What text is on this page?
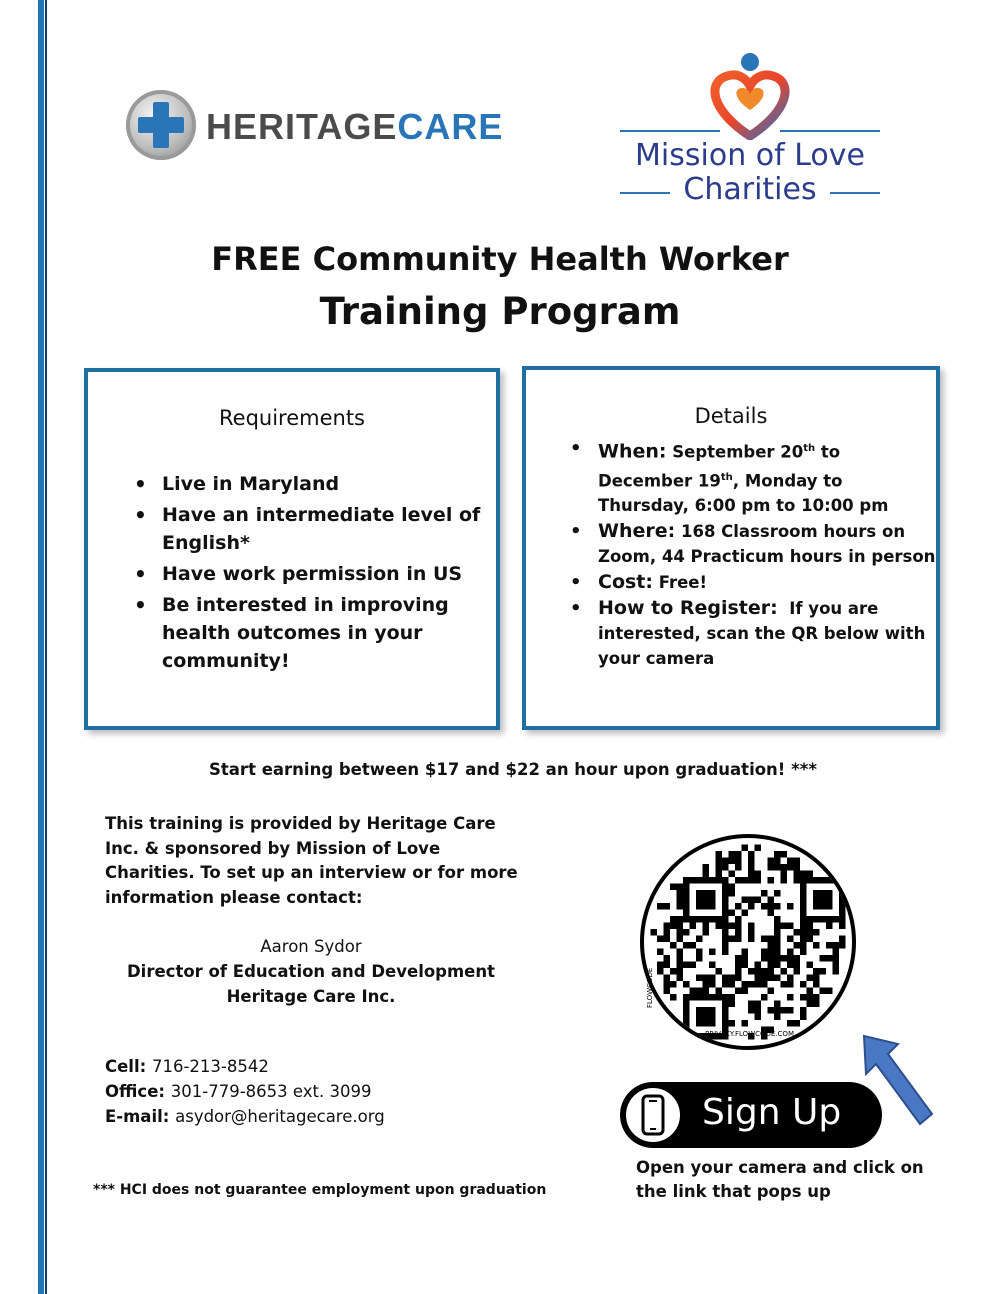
HERITAGECARE
Mission of Love
Charities
FREE Community Health Worker
Training Program
Requirements
• Live in Maryland
• Have an intermediate level of English*
• Have work permission in US
• Be interested in improving health outcomes in your community!
Details
• When: September 20th to December 19th, Monday to Thursday, 6:00 pm to 10:00 pm
• Where: 168 Classroom hours on Zoom, 44 Practicum hours in person
• Cost: Free!
• How to Register: If you are interested, scan the QR below with your camera
Start earning between $17 and $22 an hour upon graduation! ***
This training is provided by Heritage Care Inc. & sponsored by Mission of Love Charities. To set up an interview or for more information please contact:
Aaron Sydor
Director of Education and Development
Heritage Care Inc.
Cell: 716-213-8542
Office: 301-779-8653 ext. 3099
E-mail: asydor@heritagecare.org
*** HCI does not guarantee employment upon graduation
FLOWCODE
PRIVACY.FLOWCODE.COM
Sign Up
Open your camera and click on the link that pops up
